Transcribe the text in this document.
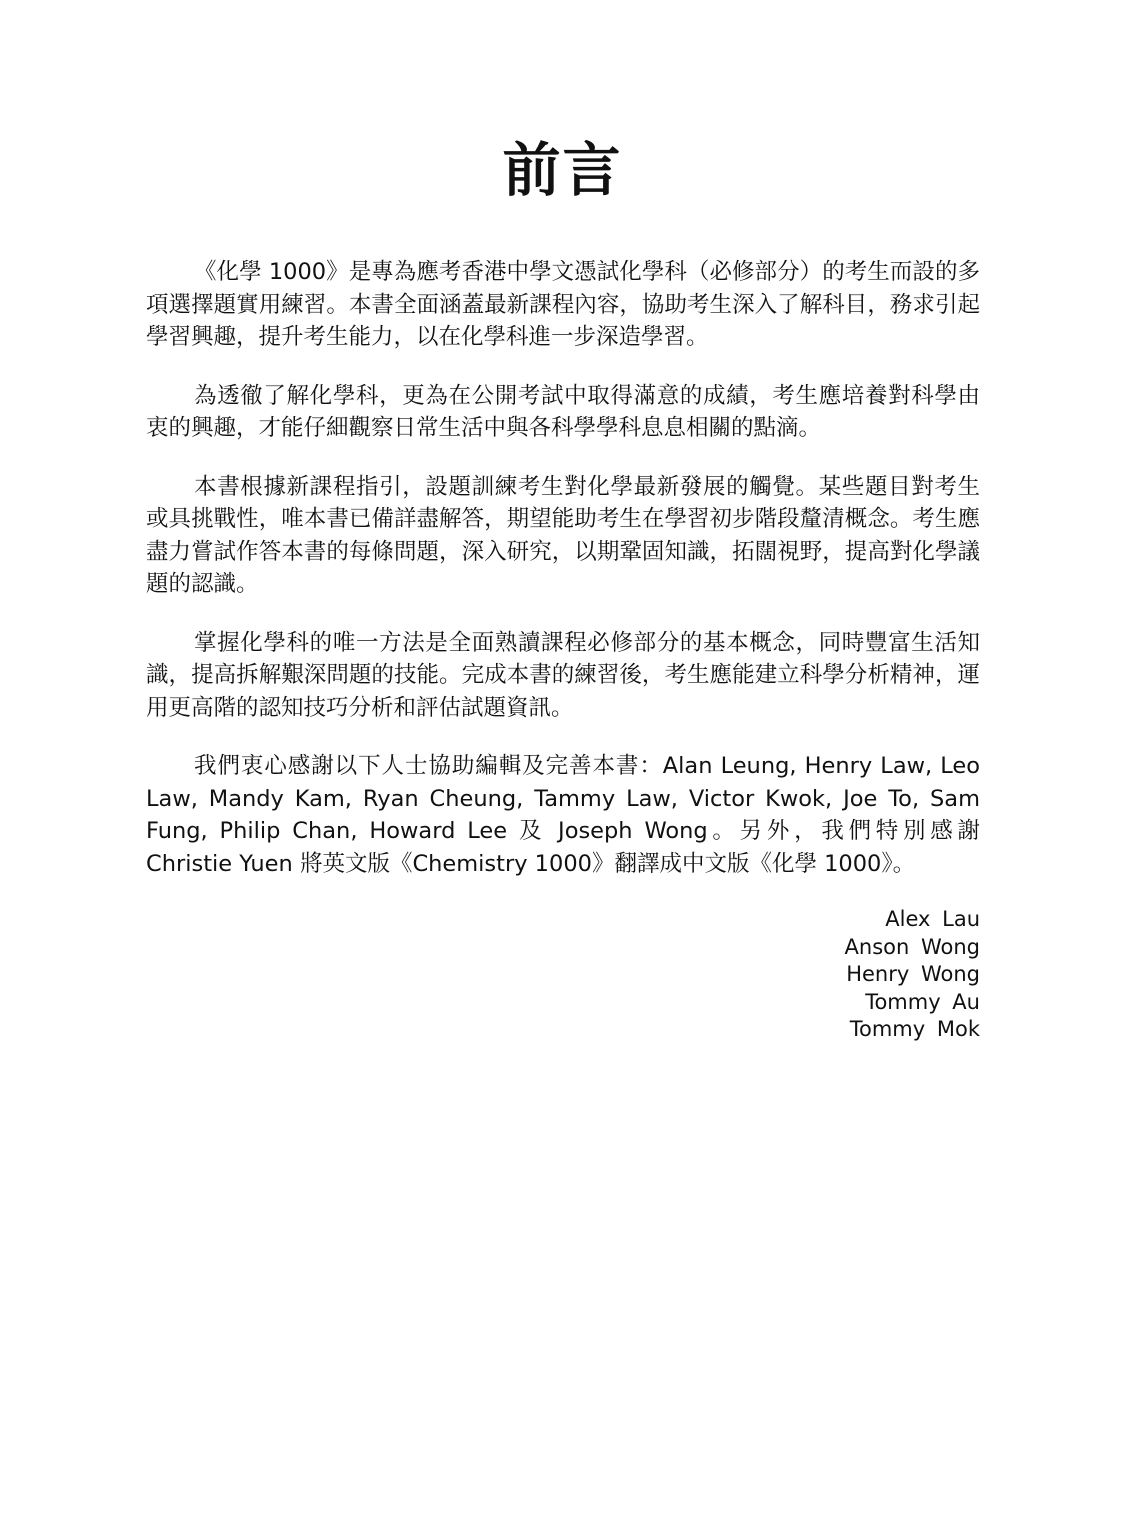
前言

《化學 1000》是專為應考香港中學文憑試化學科（必修部分）的考生而設的多項選擇題實用練習。本書全面涵蓋最新課程內容，協助考生深入了解科目，務求引起學習興趣，提升考生能力，以在化學科進一步深造學習。

為透徹了解化學科，更為在公開考試中取得滿意的成績，考生應培養對科學由衷的興趣，才能仔細觀察日常生活中與各科學學科息息相關的點滴。

本書根據新課程指引，設題訓練考生對化學最新發展的觸覺。某些題目對考生或具挑戰性，唯本書已備詳盡解答，期望能助考生在學習初步階段釐清概念。考生應盡力嘗試作答本書的每條問題，深入研究，以期鞏固知識，拓闊視野，提高對化學議題的認識。

掌握化學科的唯一方法是全面熟讀課程必修部分的基本概念，同時豐富生活知識，提高拆解艱深問題的技能。完成本書的練習後，考生應能建立科學分析精神，運用更高階的認知技巧分析和評估試題資訊。

我們衷心感謝以下人士協助編輯及完善本書：Alan Leung, Henry Law, Leo Law, Mandy Kam, Ryan Cheung, Tammy Law, Victor Kwok, Joe To, Sam Fung, Philip Chan, Howard Lee 及 Joseph Wong。另外，我們特別感謝 Christie Yuen 將英文版《Chemistry 1000》翻譯成中文版《化學 1000》。

Alex Lau
Anson Wong
Henry Wong
Tommy Au
Tommy Mok
